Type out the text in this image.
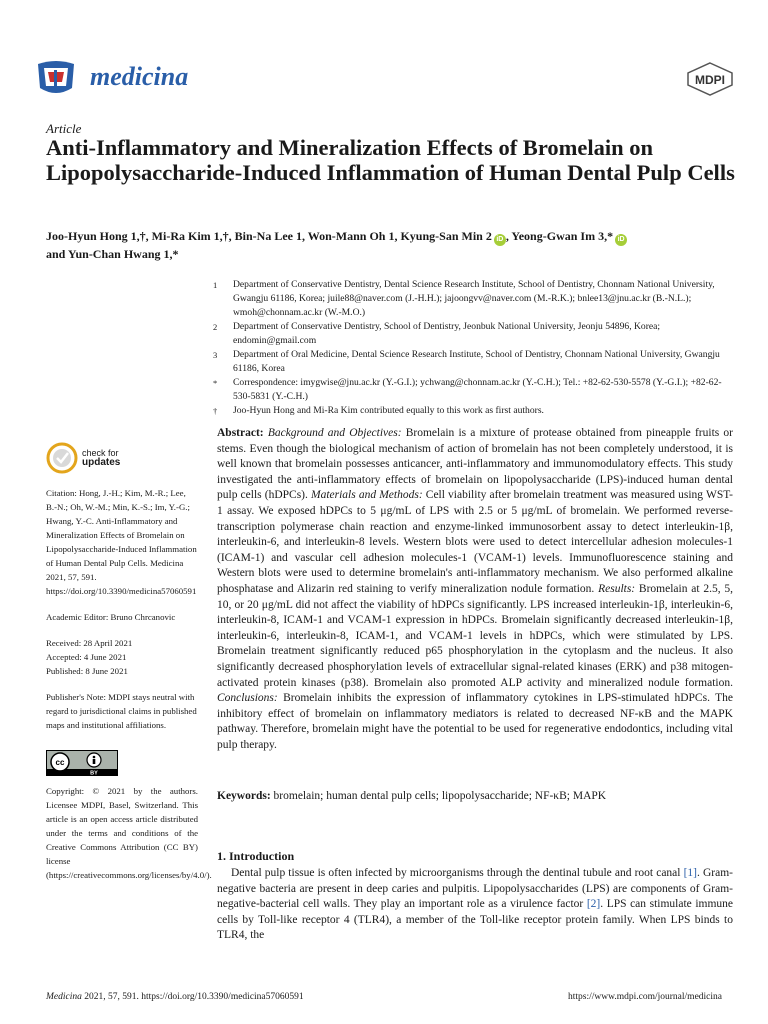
medicina	MDPI
Article
Anti-Inflammatory and Mineralization Effects of Bromelain on Lipopolysaccharide-Induced Inflammation of Human Dental Pulp Cells
Joo-Hyun Hong 1,†, Mi-Ra Kim 1,†, Bin-Na Lee 1, Won-Mann Oh 1, Kyung-San Min 2 iD , Yeong-Gwan Im 3,* iD
and Yun-Chan Hwang 1,*
1	Department of Conservative Dentistry, Dental Science Research Institute, School of Dentistry, Chonnam National University, Gwangju 61186, Korea; juile88@naver.com (J.-H.H.); jajoongvv@naver.com (M.-R.K.); bnlee13@jnu.ac.kr (B.-N.L.); wmoh@chonnam.ac.kr (W.-M.O.)
2	Department of Conservative Dentistry, School of Dentistry, Jeonbuk National University, Jeonju 54896, Korea; endomin@gmail.com
3	Department of Oral Medicine, Dental Science Research Institute, School of Dentistry, Chonnam National University, Gwangju 61186, Korea
*	Correspondence: imygwise@jnu.ac.kr (Y.-G.I.); ychwang@chonnam.ac.kr (Y.-C.H.); Tel.: +82-62-530-5578 (Y.-G.I.); +82-62-530-5831 (Y.-C.H.)
†	Joo-Hyun Hong and Mi-Ra Kim contributed equally to this work as first authors.
check for
updates
Citation: Hong, J.-H.; Kim, M.-R.; Lee, B.-N.; Oh, W.-M.; Min, K.-S.; Im, Y.-G.; Hwang, Y.-C. Anti-Inflammatory and Mineralization Effects of Bromelain on Lipopolysaccharide-Induced Inflammation of Human Dental Pulp Cells. Medicina 2021, 57, 591. https://doi.org/10.3390/medicina57060591
Academic Editor: Bruno Chrcanovic
Received: 28 April 2021
Accepted: 4 June 2021
Published: 8 June 2021
Publisher's Note: MDPI stays neutral with regard to jurisdictional claims in published maps and institutional affiliations.
cc
BY
Copyright: © 2021 by the authors. Licensee MDPI, Basel, Switzerland. This article is an open access article distributed under the terms and conditions of the Creative Commons Attribution (CC BY) license (https://creativecommons.org/licenses/by/4.0/).
Abstract: Background and Objectives: Bromelain is a mixture of protease obtained from pineapple fruits or stems. Even though the biological mechanism of action of bromelain has not been completely understood, it is well known that bromelain possesses anticancer, anti-inflammatory and immunomodulatory effects. This study investigated the anti-inflammatory effects of bromelain on lipopolysaccharide (LPS)-induced human dental pulp cells (hDPCs). Materials and Methods: Cell viability after bromelain treatment was measured using WST-1 assay. We exposed hDPCs to 5 μg/mL of LPS with 2.5 or 5 μg/mL of bromelain. We performed reverse-transcription polymerase chain reaction and enzyme-linked immunosorbent assay to detect interleukin-1β, interleukin-6, and interleukin-8 levels. Western blots were used to detect intercellular adhesion molecules-1 (ICAM-1) and vascular cell adhesion molecules-1 (VCAM-1) levels. Immunofluorescence staining and Western blots were used to determine bromelain's anti-inflammatory mechanism. We also performed alkaline phosphatase and Alizarin red staining to verify mineralization nodule formation. Results: Bromelain at 2.5, 5, 10, or 20 μg/mL did not affect the viability of hDPCs significantly. LPS increased interleukin-1β, interleukin-6, interleukin-8, ICAM-1 and VCAM-1 expression in hDPCs. Bromelain significantly decreased interleukin-1β, interleukin-6, interleukin-8, ICAM-1, and VCAM-1 levels in hDPCs, which were stimulated by LPS. Bromelain treatment significantly reduced p65 phosphorylation in the cytoplasm and the nucleus. It also significantly decreased phosphorylation levels of extracellular signal-related kinases (ERK) and p38 mitogen-activated protein kinases (p38). Bromelain also promoted ALP activity and mineralized nodule formation. Conclusions: Bromelain inhibits the expression of inflammatory cytokines in LPS-stimulated hDPCs. The inhibitory effect of bromelain on inflammatory mediators is related to decreased NF-κB and the MAPK pathway. Therefore, bromelain might have the potential to be used for regenerative endodontics, including vital pulp therapy.
Keywords: bromelain; human dental pulp cells; lipopolysaccharide; NF-κB; MAPK
1. Introduction

Dental pulp tissue is often infected by microorganisms through the dentinal tubule and root canal [1]. Gram-negative bacteria are present in deep caries and pulpitis. Lipopolysaccharides (LPS) are components of Gram-negative-bacterial cell walls. They play an important role as a virulence factor [2]. LPS can stimulate immune cells by Toll-like receptor 4 (TLR4), a member of the Toll-like receptor protein family. When LPS binds to TLR4, the

Medicina 2021, 57, 591. https://doi.org/10.3390/medicina57060591	https://www.mdpi.com/journal/medicina
